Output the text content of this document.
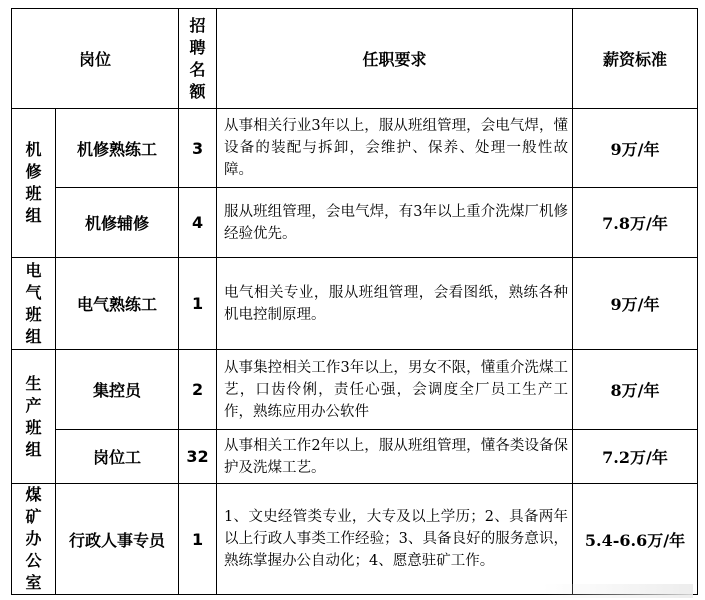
岗位		招聘名额	任职要求	薪资标准

机修班组	机修熟练工	3	从事相关行业3年以上，服从班组管理，会电气焊，懂设备的装配与拆卸，会维护、保养、处理一般性故障。	9万/年
	机修辅修	4	服从班组管理，会电气焊，有3年以上重介洗煤厂机修经验优先。	7.8万/年

电气班组	电气熟练工	1	电气相关专业，服从班组管理，会看图纸，熟练各种机电控制原理。	9万/年

生产班组	集控员	2	从事集控相关工作3年以上，男女不限，懂重介洗煤工艺，口齿伶俐，责任心强，会调度全厂员工生产工作，熟练应用办公软件	8万/年
	岗位工	32	从事相关工作2年以上，服从班组管理，懂各类设备保护及洗煤工艺。	7.2万/年

煤矿办公室	行政人事专员	1	1、文史经管类专业，大专及以上学历；2、具备两年以上行政人事类工作经验；3、具备良好的服务意识，熟练掌握办公自动化；4、愿意驻矿工作。	5.4-6.6万/年
